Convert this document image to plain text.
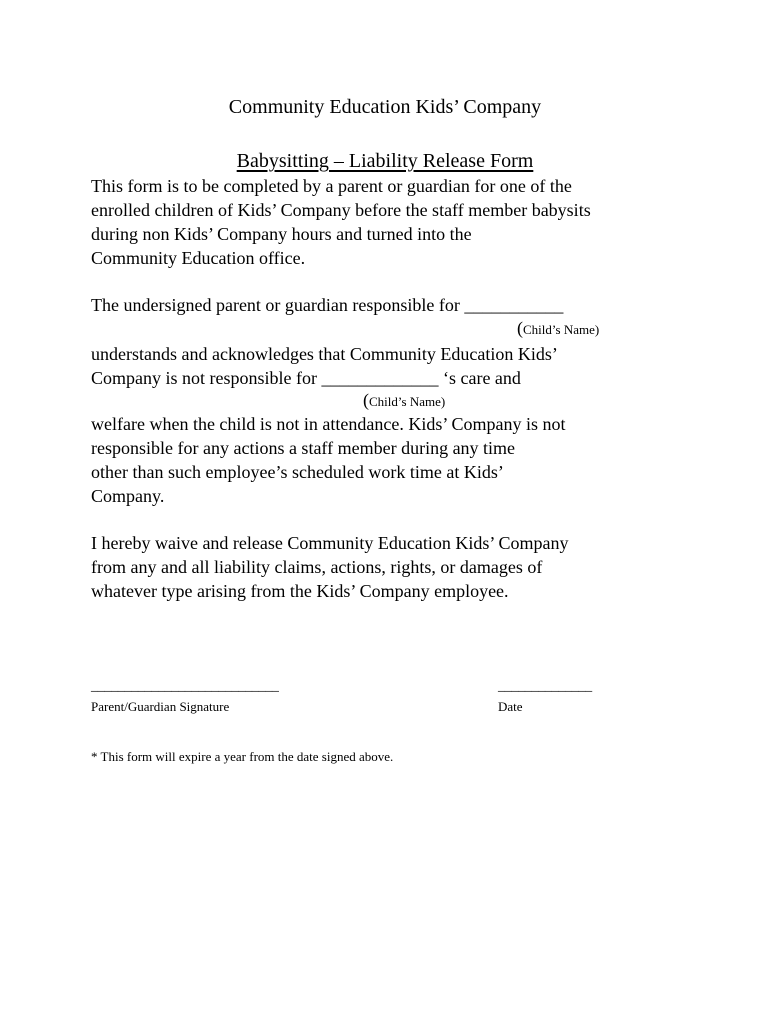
Community Education Kids’ Company
Babysitting – Liability Release Form
This form is to be completed by a parent or guardian for one of the
enrolled children of Kids’ Company before the staff member babysits
during non Kids’ Company hours and turned into the
Community Education office.
The undersigned parent or guardian responsible for ___________
(Child’s Name)
understands and acknowledges that Community Education Kids’
Company is not responsible for _____________ ‘s care and
(Child’s Name)
welfare when the child is not in attendance. Kids’ Company is not
responsible for any actions a staff member during any time
other than such employee’s scheduled work time at Kids’
Company.
I hereby waive and release Community Education Kids’ Company
from any and all liability claims, actions, rights, or damages of
whatever type arising from the Kids’ Company employee.
____________________________
Parent/Guardian Signature
______________
Date
* This form will expire a year from the date signed above.
